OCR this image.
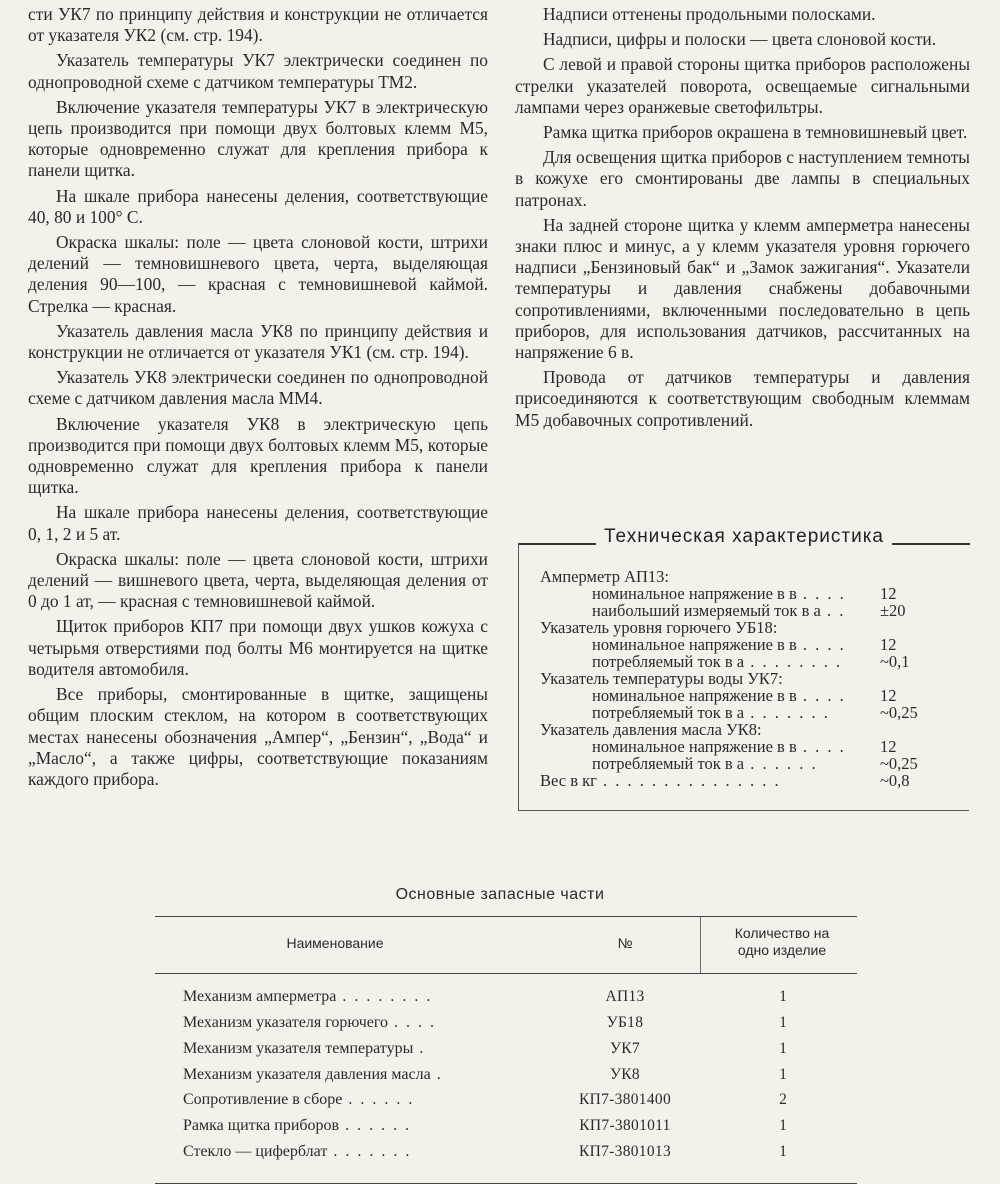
сти УК7 по принципу действия и конструкции не отличается от указателя УК2 (см. стр. 194).

Указатель температуры УК7 электрически соединен по однопроводной схеме с датчиком температуры ТМ2.

Включение указателя температуры УК7 в электрическую цепь производится при помощи двух болтовых клемм М5, которые одновременно служат для крепления прибора к панели щитка.

На шкале прибора нанесены деления, соответствующие 40, 80 и 100° С.

Окраска шкалы: поле — цвета слоновой кости, штрихи делений — темновишневого цвета, черта, выделяющая деления 90—100, — красная с темновишневой каймой. Стрелка — красная.

Указатель давления масла УК8 по принципу действия и конструкции не отличается от указателя УК1 (см. стр. 194).

Указатель УК8 электрически соединен по однопроводной схеме с датчиком давления масла ММ4.

Включение указателя УК8 в электрическую цепь производится при помощи двух болтовых клемм М5, которые одновременно служат для крепления прибора к панели щитка.

На шкале прибора нанесены деления, соответствующие 0, 1, 2 и 5 ат.

Окраска шкалы: поле — цвета слоновой кости, штрихи делений — вишневого цвета, черта, выделяющая деления от 0 до 1 ат, — красная с темновишневой каймой.

Щиток приборов КП7 при помощи двух ушков кожуха с четырьмя отверстиями под болты М6 монтируется на щитке водителя автомобиля.

Все приборы, смонтированные в щитке, защищены общим плоским стеклом, на котором в соответствующих местах нанесены обозначения „Ампер“, „Бензин“, „Вода“ и „Масло“, а также цифры, соответствующие показаниям каждого прибора.

Надписи оттенены продольными полосками.

Надписи, цифры и полоски — цвета слоновой кости.

С левой и правой стороны щитка приборов расположены стрелки указателей поворота, освещаемые сигнальными лампами через оранжевые светофильтры.

Рамка щитка приборов окрашена в темновишневый цвет.

Для освещения щитка приборов с наступлением темноты в кожухе его смонтированы две лампы в специальных патронах.

На задней стороне щитка у клемм амперметра нанесены знаки плюс и минус, а у клемм указателя уровня горючего надписи „Бензиновый бак“ и „Замок зажигания“. Указатели температуры и давления снабжены добавочными сопротивлениями, включенными последовательно в цепь приборов, для использования датчиков, рассчитанных на напряжение 6 в.

Провода от датчиков температуры и давления присоединяются к соответствующим свободным клеммам М5 добавочных сопротивлений.

Техническая характеристика
Амперметр АП13:
номинальное напряжение в в . . . . 12
наибольший измеряемый ток в а . . ±20
Указатель уровня горючего УБ18:
номинальное напряжение в в . . . . 12
потребляемый ток в а . . . . . . . . ~0,1
Указатель температуры воды УК7:
номинальное напряжение в в . . . . 12
потребляемый ток в а . . . . . . .	~0,25
Указатель давления масла УК8:
номинальное напряжение в в . . . . 12
потребляемый ток в а . . . . . .	~0,25
Вес в кг . . . . . . . . . . . . . . .	~0,8
Основные запасные части
Наименование	№
Количество на
одно изделие
Механизм амперметра . . . . . . . .	АП13	1
Механизм указателя горючего . . . .	УБ18	1
Механизм указателя температуры .	УК7	1
Механизм указателя давления масла .	УК8	1
Сопротивление в сборе . . . . . .	КП7-3801400	2
Рамка щитка приборов . . . . . .	КП7-3801011	1
Стекло — циферблат . . . . . . .	КП7-3801013	1
